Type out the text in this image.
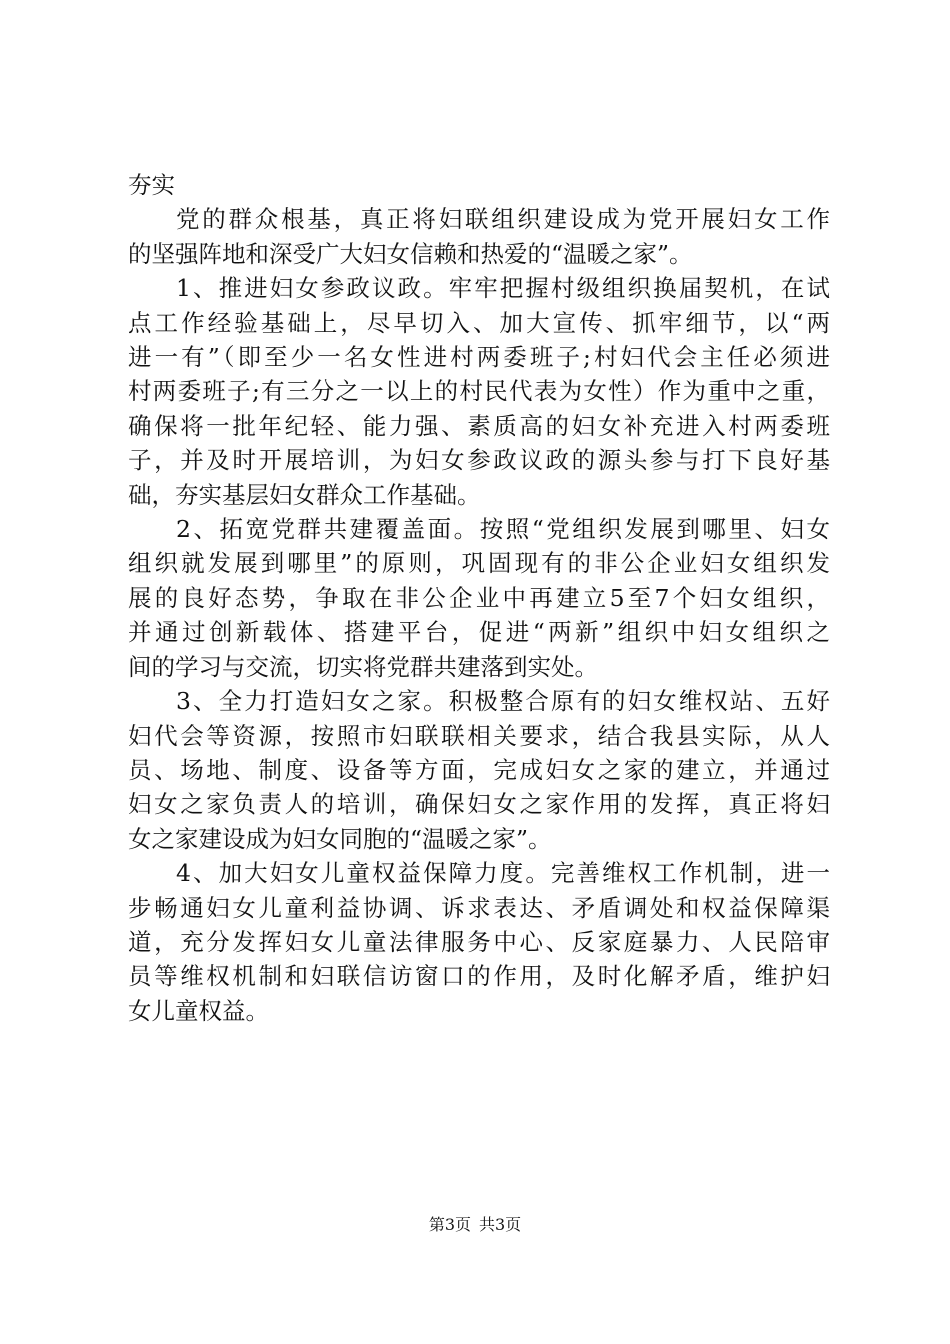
夯实
党的群众根基，真正将妇联组织建设成为党开展妇女工作
的坚强阵地和深受广大妇女信赖和热爱的“温暖之家”。
1、推进妇女参政议政。牢牢把握村级组织换届契机，在试
点工作经验基础上，尽早切入、加大宣传、抓牢细节，以“两
进一有”（即至少一名女性进村两委班子;村妇代会主任必须进
村两委班子;有三分之一以上的村民代表为女性）作为重中之重，
确保将一批年纪轻、能力强、素质高的妇女补充进入村两委班
子，并及时开展培训，为妇女参政议政的源头参与打下良好基
础，夯实基层妇女群众工作基础。
2、拓宽党群共建覆盖面。按照“党组织发展到哪里、妇女
组织就发展到哪里”的原则，巩固现有的非公企业妇女组织发
展的良好态势，争取在非公企业中再建立5至7个妇女组织，
并通过创新载体、搭建平台，促进“两新”组织中妇女组织之
间的学习与交流，切实将党群共建落到实处。
3、全力打造妇女之家。积极整合原有的妇女维权站、五好
妇代会等资源，按照市妇联联相关要求，结合我县实际，从人
员、场地、制度、设备等方面，完成妇女之家的建立，并通过
妇女之家负责人的培训，确保妇女之家作用的发挥，真正将妇
女之家建设成为妇女同胞的“温暖之家”。
4、加大妇女儿童权益保障力度。完善维权工作机制，进一
步畅通妇女儿童利益协调、诉求表达、矛盾调处和权益保障渠
道，充分发挥妇女儿童法律服务中心、反家庭暴力、人民陪审
员等维权机制和妇联信访窗口的作用，及时化解矛盾，维护妇
女儿童权益。
第3页 共3页
